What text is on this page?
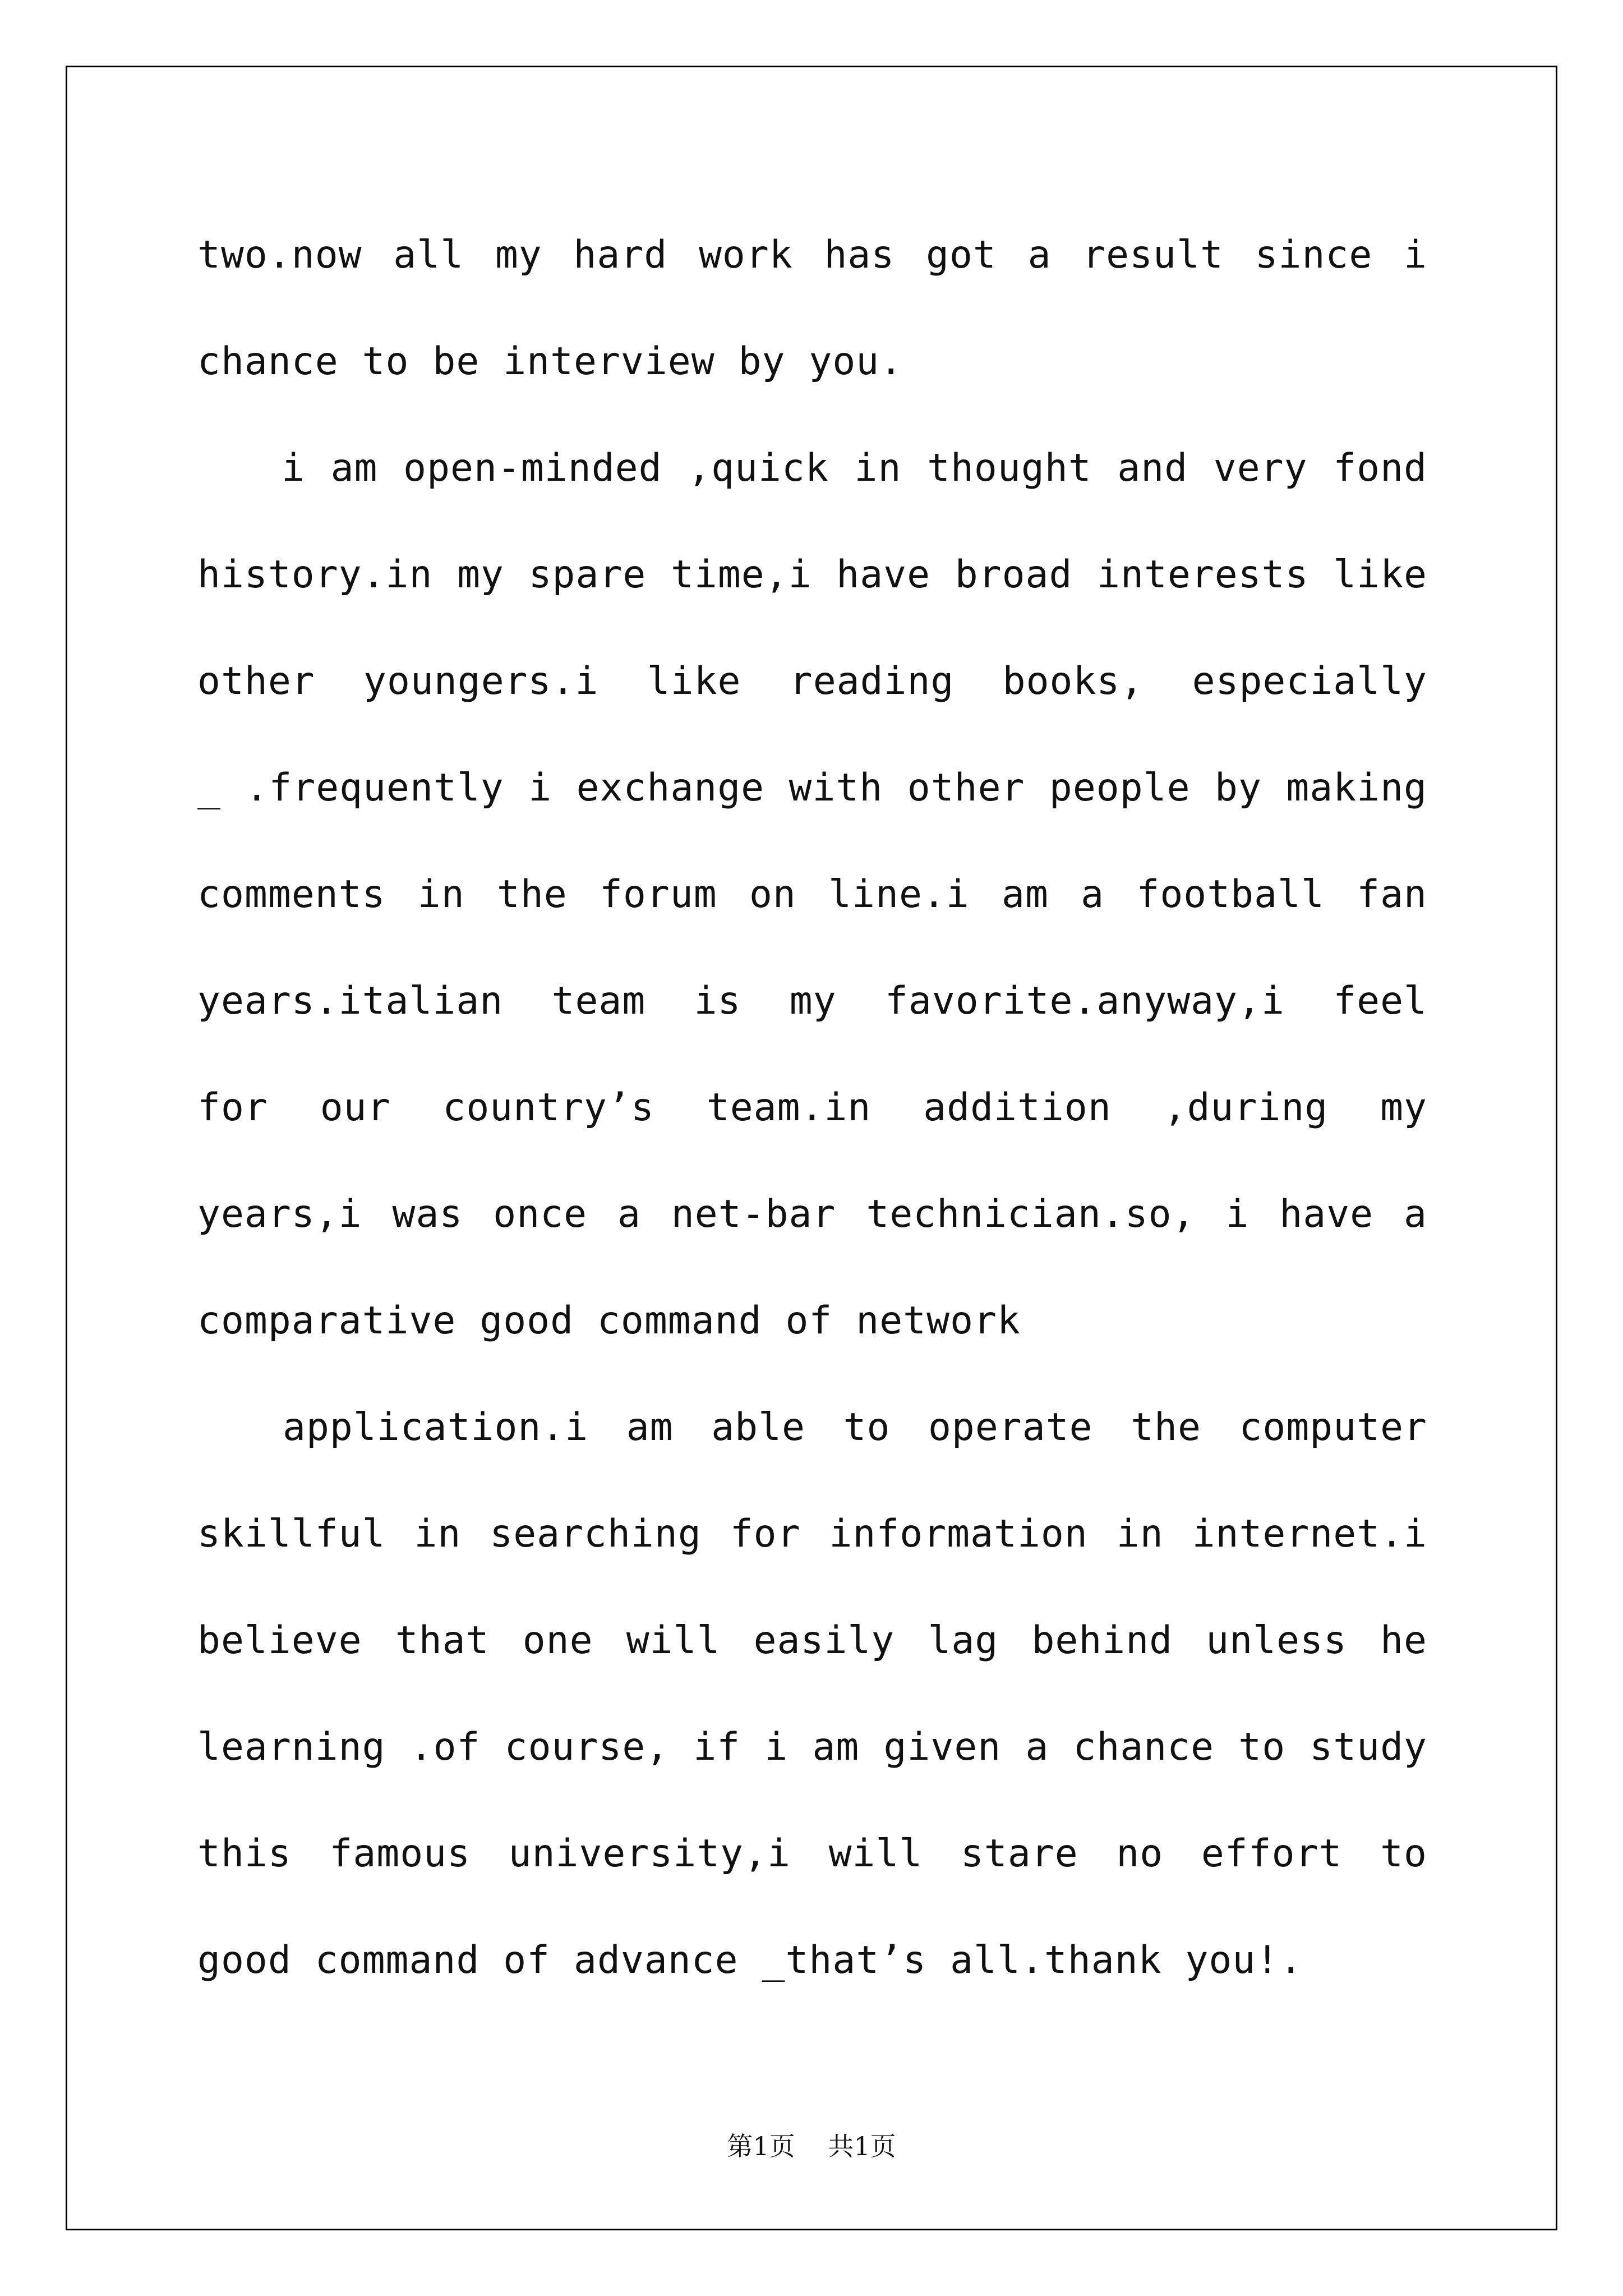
two.now all my hard work has got a result since i
chance to be interview by you.
i am open-minded ,quick in thought and very fond
history.in my spare time,i have broad interests like
other youngers.i like reading books, especially
_ .frequently i exchange with other people by making
comments in the forum on line.i am a football fan
years.italian team is my favorite.anyway,i feel
for our country’s team.in addition ,during my
years,i was once a net-bar technician.so, i have a
comparative good command of network
application.i am able to operate the computer
skillful in searching for information in internet.i
believe that one will easily lag behind unless he
learning .of course, if i am given a chance to study
this famous university,i will stare no effort to
good command of advance _that’s all.thank you!.
第1页 共1页
